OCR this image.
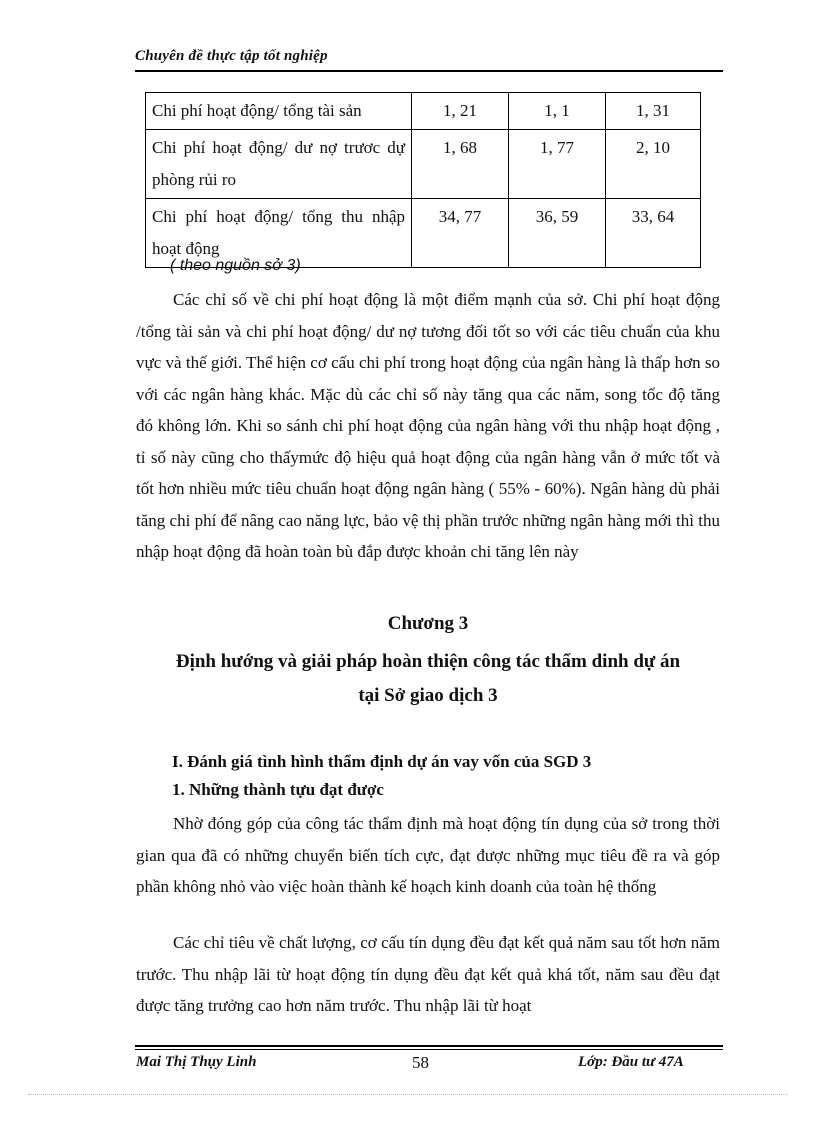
Chuyên đề thực tập tốt nghiệp
Chi phí hoạt động/ tổng tài sản	1, 21	1, 1	1, 31
Chi phí hoạt động/ dư nợ trươc dự phòng rủi ro	1, 68	1, 77	2, 10
Chi phí hoạt động/ tổng thu nhập hoạt động	34, 77	36, 59	33, 64
( theo nguồn sở 3)

Các chỉ số về chi phí hoạt động là một điểm mạnh của sở. Chi phí hoạt động /tổng tài sản và chi phí hoạt động/ dư nợ tương đối tốt so với các tiêu chuẩn của khu vực và thế giới. Thể hiện cơ cấu chi phí trong hoạt động của ngân hàng là thấp hơn so với các ngân hàng khác. Mặc dù các chỉ số này tăng qua các năm, song tốc độ tăng đó không lớn. Khi so sánh chi phí hoạt động của ngân hàng với thu nhập hoạt động , tỉ số này cũng cho thấymức độ hiệu quả hoạt động của ngân hàng vẫn ở mức tốt và tốt hơn nhiều mức tiêu chuẩn hoạt động ngân hàng ( 55% - 60%). Ngân hàng dù phải tăng chi phí để nâng cao năng lực, bảo vệ thị phần trước những ngân hàng mới thì thu nhập hoạt động đã hoàn toàn bù đắp được khoản chi tăng lên này

Chương 3
Định hướng và giải pháp hoàn thiện công tác thẩm dinh dự án
tại Sở giao dịch 3
I. Đánh giá tình hình thẩm định dự án vay vốn của SGD 3
1. Những thành tựu đạt được

Nhờ đóng góp của công tác thẩm định mà hoạt động tín dụng của sở trong thời gian qua đã có những chuyển biến tích cực, đạt được những mục tiêu đề ra và góp phần không nhỏ vào việc hoàn thành kế hoạch kinh doanh của toàn hệ thống

Các chỉ tiêu về chất lượng, cơ cấu tín dụng đều đạt kết quả năm sau tốt hơn năm trước. Thu nhập lãi từ hoạt động tín dụng đều đạt kết quả khá tốt, năm sau đều đạt được tăng trưởng cao hơn năm trước. Thu nhập lãi từ hoạt

Mai Thị Thụy Linh	58	Lớp: Đầu tư 47A
